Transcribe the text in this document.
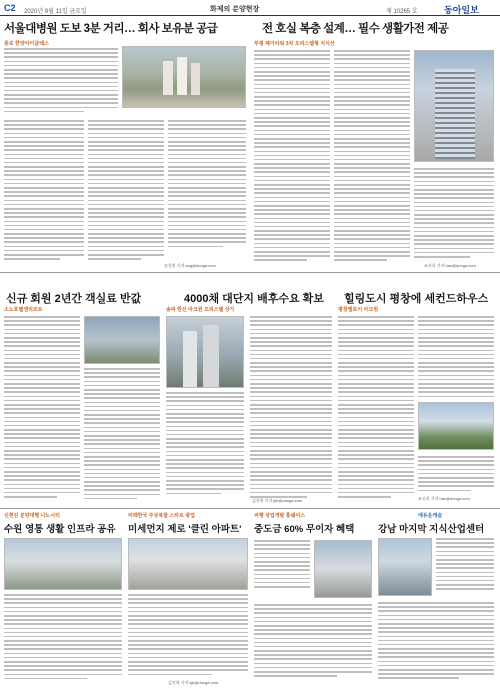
C2 2020년 9월 11일 금요일	화제의 분양현장	제 10265 호	동아일보
서울대병원 도보 3분 거리… 회사 보유분 공급
종로 한양아이클래스
송성현 기자 sog@donga.com
전 호실 복층 설계… 필수 생활가전 제공
부평 제이타워 3차 오피스텔형 지식산
조선희 기자 hac@donga.com
신규 회원 2년간 객실료 반값	4000채 대단지 배후수요 확보 힐링도시 평창에 세컨드하우스
소노호텔앤리조트	송파 한신 아크원 오피스텔 상가
김진현 기자 jkk@donga.com
평창엘로이 아크원
조선희 기자 hac@donga.com
신현진 분양대행 나노시티
수원 영통 생활 인프라 공유
미래한국 주상복합 스타트 광업
미세먼지 제로 '클린 아파트'
김진혁 기자 kjk@donga.com
씨행 성업개발 홍쉐어스
중도금 60% 무이자 혜택
에듀운캐슬
강남 마지막 지식산업센터
